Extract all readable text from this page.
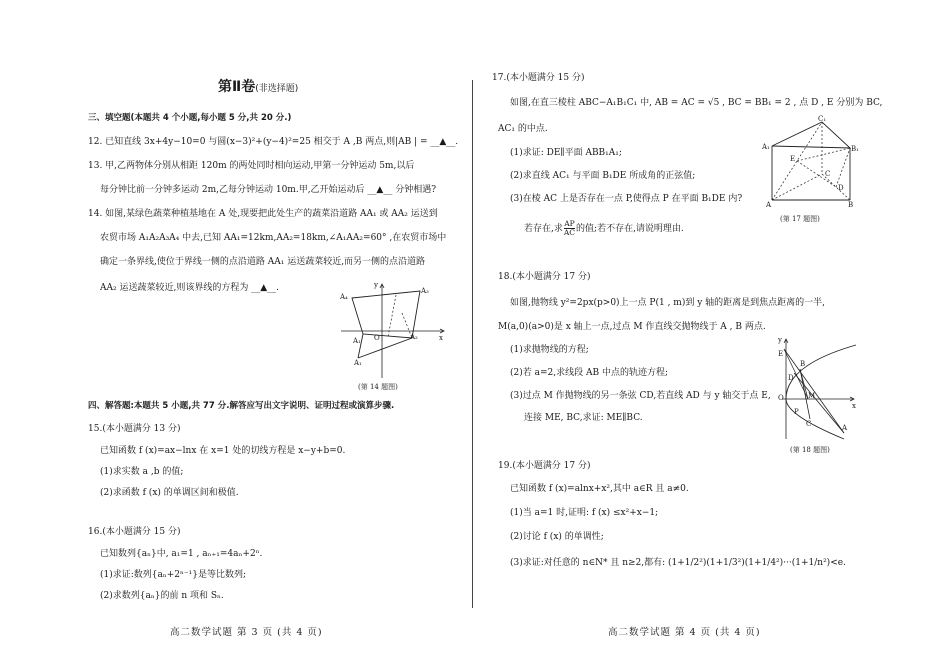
第Ⅱ卷(非选择题)
三、填空题(本题共 4 个小题,每小题 5 分,共 20 分.)
12. 已知直线 3x+4y−10=0 与圆(x−3)²+(y−4)²=25 相交于 A ,B 两点,则|AB | = __▲__.
13. 甲,乙两物体分别从相距 120m 的两处同时相向运动,甲第一分钟运动 5m,以后
每分钟比前一分钟多运动 2m,乙每分钟运动 10m.甲,乙开始运动后 __▲__ 分钟相遇?
14. 如图,某绿色蔬菜种植基地在 A 处,现要把此处生产的蔬菜沿道路 AA₁ 或 AA₂ 运送到
农贸市场 A₁A₂A₃A₄ 中去,已知 AA₁=12km,AA₂=18km,∠A₁AA₂=60° ,在农贸市场中
确定一条界线,使位于界线一侧的点沿道路 AA₁ 运送蔬菜较近,而另一侧的点沿道路
AA₂ 运送蔬菜较近,则该界线的方程为 __▲__.
A₄
A₃
y
A₁ O	A₂	x
A₁
(第 14 题图)
四、解答题:本题共 5 小题,共 77 分.解答应写出文字说明、证明过程或演算步骤.
15.(本小题满分 13 分)
已知函数 f (x)=ax−lnx 在 x=1 处的切线方程是 x−y+b=0.
(1)求实数 a ,b 的值;
(2)求函数 f (x) 的单调区间和极值.
16.(本小题满分 15 分)
已知数列{aₙ}中, a₁=1 , aₙ₊₁=4aₙ+2ⁿ.
(1)求证:数列{aₙ+2ⁿ⁻¹}是等比数列;
(2)求数列{aₙ}的前 n 项和 Sₙ.
高二数学试题 第 3 页 (共 4 页)
17.(本小题满分 15 分)
如图,在直三棱柱 ABC−A₁B₁C₁ 中, AB = AC = √5 , BC = BB₁ = 2 , 点 D , E 分别为 BC,
AC₁ 的中点.
(1)求证: DE∥平面 ABB₁A₁;
(2)求直线 AC₁ 与平面 B₁DE 所成角的正弦值;
(3)在棱 AC 上是否存在一点 P,使得点 P 在平面 B₁DE 内?
若存在,求 $\frac{AP}{AC}$ 的值;若不存在,请说明理由.
C₁
A₁	B₁
E
C
D
A	B
(第 17 题图)
18.(本小题满分 17 分)
如图,抛物线 y²=2px(p>0)上一点 P(1 , m)到 y 轴的距离是到焦点距离的一半,
M(a,0)(a>0)是 x 轴上一点,过点 M 作直线交抛物线于 A , B 两点.
(1)求抛物线的方程;
(2)若 a=2,求线段 AB 中点的轨迹方程;
(3)过点 M 作抛物线的另一条弦 CD,若直线 AD 与 y 轴交于点 E,
连接 ME, BC,求证: ME∥BC.
y
E
B
D
O	M
P
C	A
x
(第 18 题图)
19.(本小题满分 17 分)
已知函数 f (x)=alnx+x²,其中 a∈R 且 a≠0.
(1)当 a=1 时,证明: f (x) ≤x²+x−1;
(2)讨论 f (x) 的单调性;
(3)求证:对任意的 n∈N* 且 n≥2,都有: (1+1/2²)(1+1/3²)(1+1/4²)···(1+1/n²)<e.
高二数学试题 第 4 页 (共 4 页)
